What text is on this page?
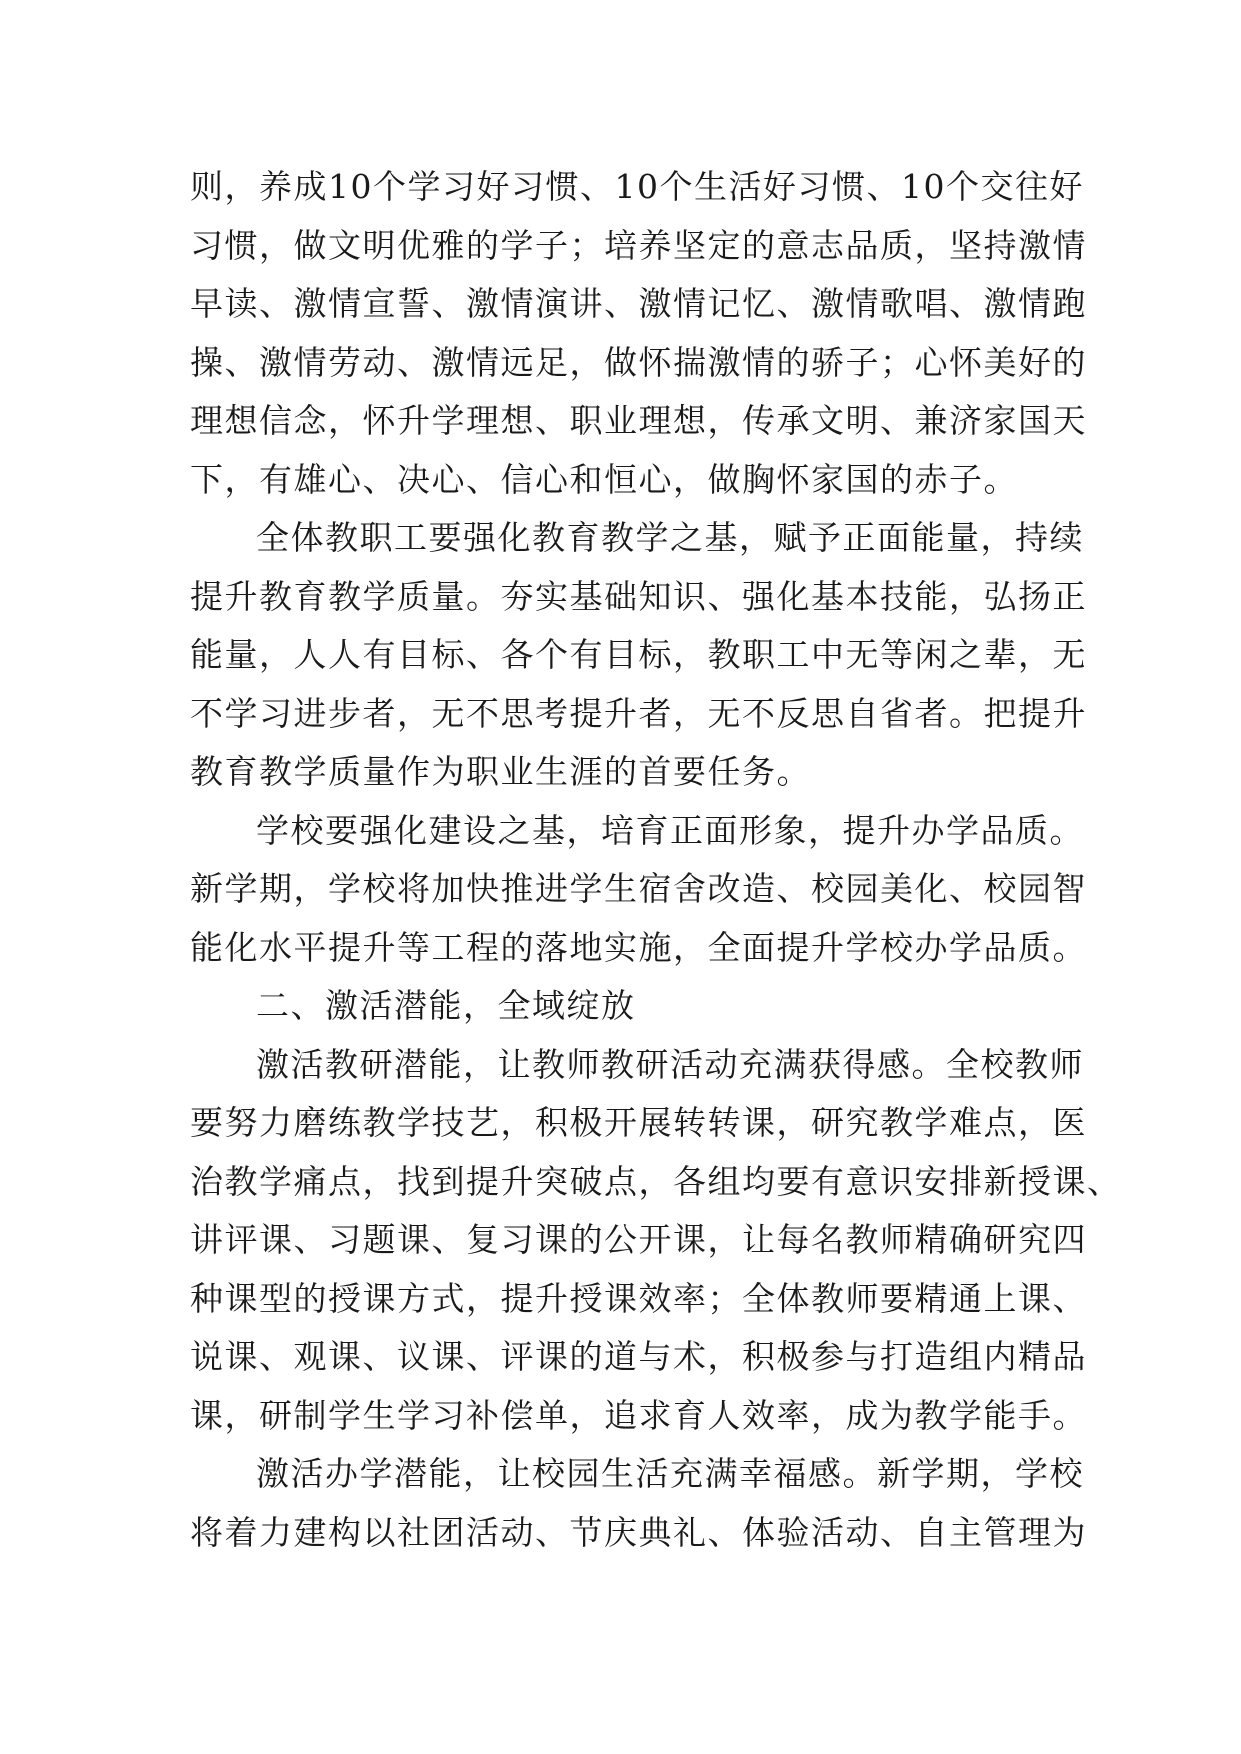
则，养成10个学习好习惯、10个生活好习惯、10个交往好
习惯，做文明优雅的学子；培养坚定的意志品质，坚持激情
早读、激情宣誓、激情演讲、激情记忆、激情歌唱、激情跑
操、激情劳动、激情远足，做怀揣激情的骄子；心怀美好的
理想信念，怀升学理想、职业理想，传承文明、兼济家国天
下，有雄心、决心、信心和恒心，做胸怀家国的赤子。
全体教职工要强化教育教学之基，赋予正面能量，持续
提升教育教学质量。夯实基础知识、强化基本技能，弘扬正
能量，人人有目标、各个有目标，教职工中无等闲之辈，无
不学习进步者，无不思考提升者，无不反思自省者。把提升
教育教学质量作为职业生涯的首要任务。
学校要强化建设之基，培育正面形象，提升办学品质。
新学期，学校将加快推进学生宿舍改造、校园美化、校园智
能化水平提升等工程的落地实施，全面提升学校办学品质。
二、激活潜能，全域绽放
激活教研潜能，让教师教研活动充满获得感。全校教师
要努力磨练教学技艺，积极开展转转课，研究教学难点，医
治教学痛点，找到提升突破点，各组均要有意识安排新授课、
讲评课、习题课、复习课的公开课，让每名教师精确研究四
种课型的授课方式，提升授课效率；全体教师要精通上课、
说课、观课、议课、评课的道与术，积极参与打造组内精品
课，研制学生学习补偿单，追求育人效率，成为教学能手。
激活办学潜能，让校园生活充满幸福感。新学期，学校
将着力建构以社团活动、节庆典礼、体验活动、自主管理为
